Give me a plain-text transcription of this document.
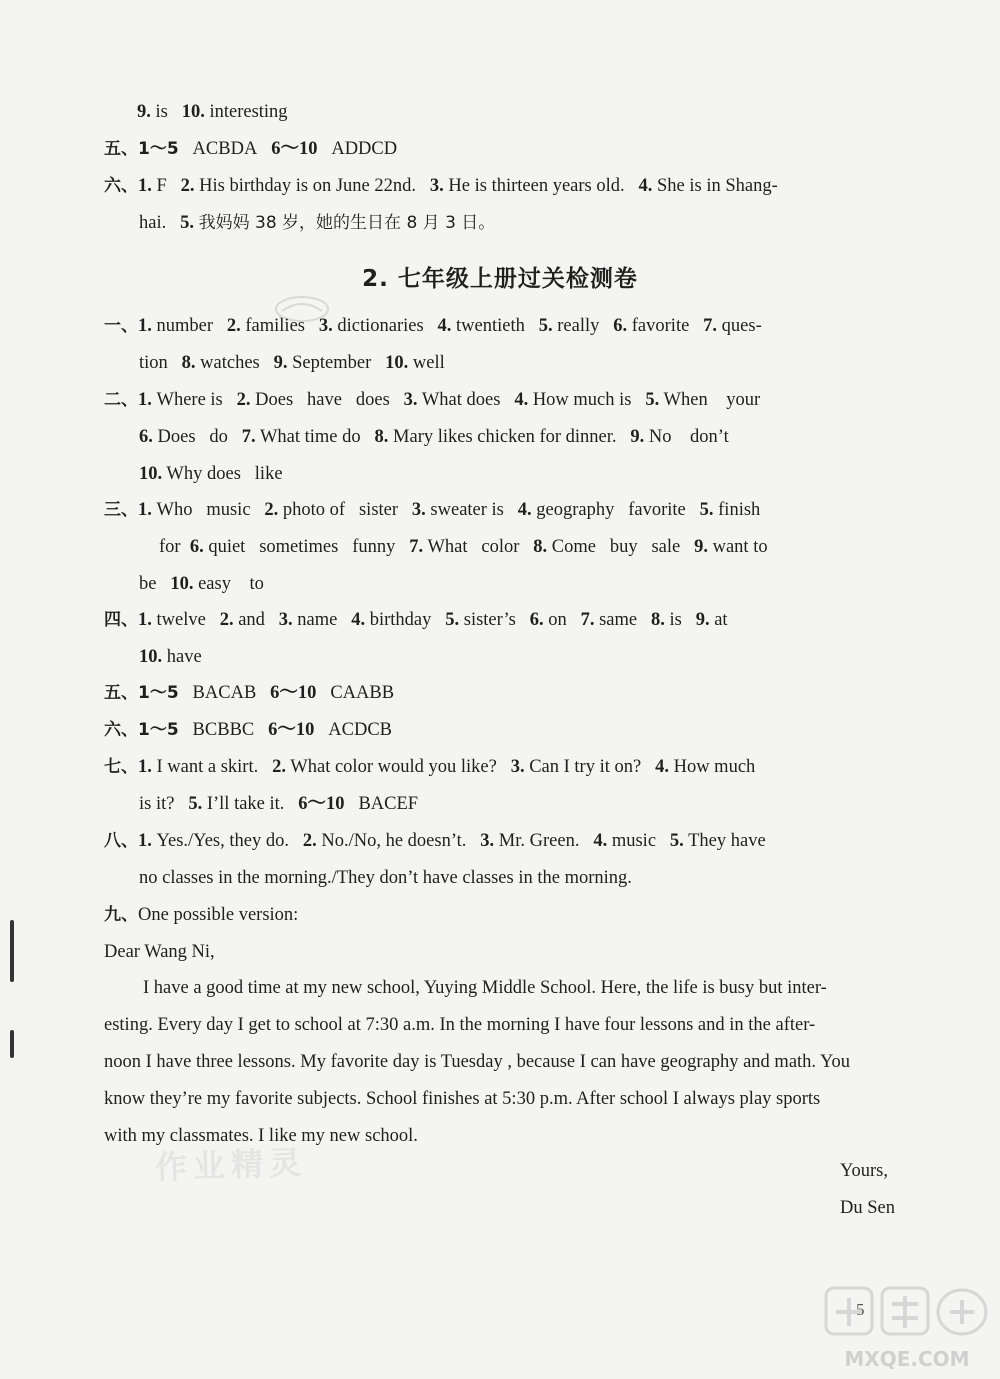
9. is 10. interesting
五、1～5 ACBDA 6～10 ADDCD
六、1. F 2. His birthday is on June 22nd. 3. He is thirteen years old. 4. She is in Shang-
hai. 5. 我妈妈 38 岁，她的生日在 8 月 3 日。
2. 七年级上册过关检测卷
一、1. number 2. families 3. dictionaries 4. twentieth 5. really 6. favorite 7. ques-
tion 8. watches 9. September 10. well
二、1. Where is 2. Does have does 3. What does 4. How much is 5. When your
6. Does do 7. What time do 8. Mary likes chicken for dinner. 9. No don’t
10. Why does like
三、1. Who music 2. photo of sister 3. sweater is 4. geography favorite 5. finish
for 6. quiet sometimes funny 7. What color 8. Come buy sale 9. want to
be 10. easy to
四、1. twelve 2. and 3. name 4. birthday 5. sister’s 6. on 7. same 8. is 9. at
10. have
五、1～5 BACAB 6～10 CAABB
六、1～5 BCBBC 6～10 ACDCB
七、1. I want a skirt. 2. What color would you like? 3. Can I try it on? 4. How much
is it? 5. I’ll take it. 6～10 BACEF
八、1. Yes./Yes, they do. 2. No./No, he doesn’t. 3. Mr. Green. 4. music 5. They have
no classes in the morning./They don’t have classes in the morning.
九、One possible version:
Dear Wang Ni,
I have a good time at my new school, Yuying Middle School. Here, the life is busy but inter-
esting. Every day I get to school at 7:30 a.m. In the morning I have four lessons and in the after-
noon I have three lessons. My favorite day is Tuesday , because I can have geography and math. You
know they’re my favorite subjects. School finishes at 5:30 p.m. After school I always play sports
with my classmates. I like my new school.
作业精灵	Yours,
Du Sen
5
MXQE.COM
